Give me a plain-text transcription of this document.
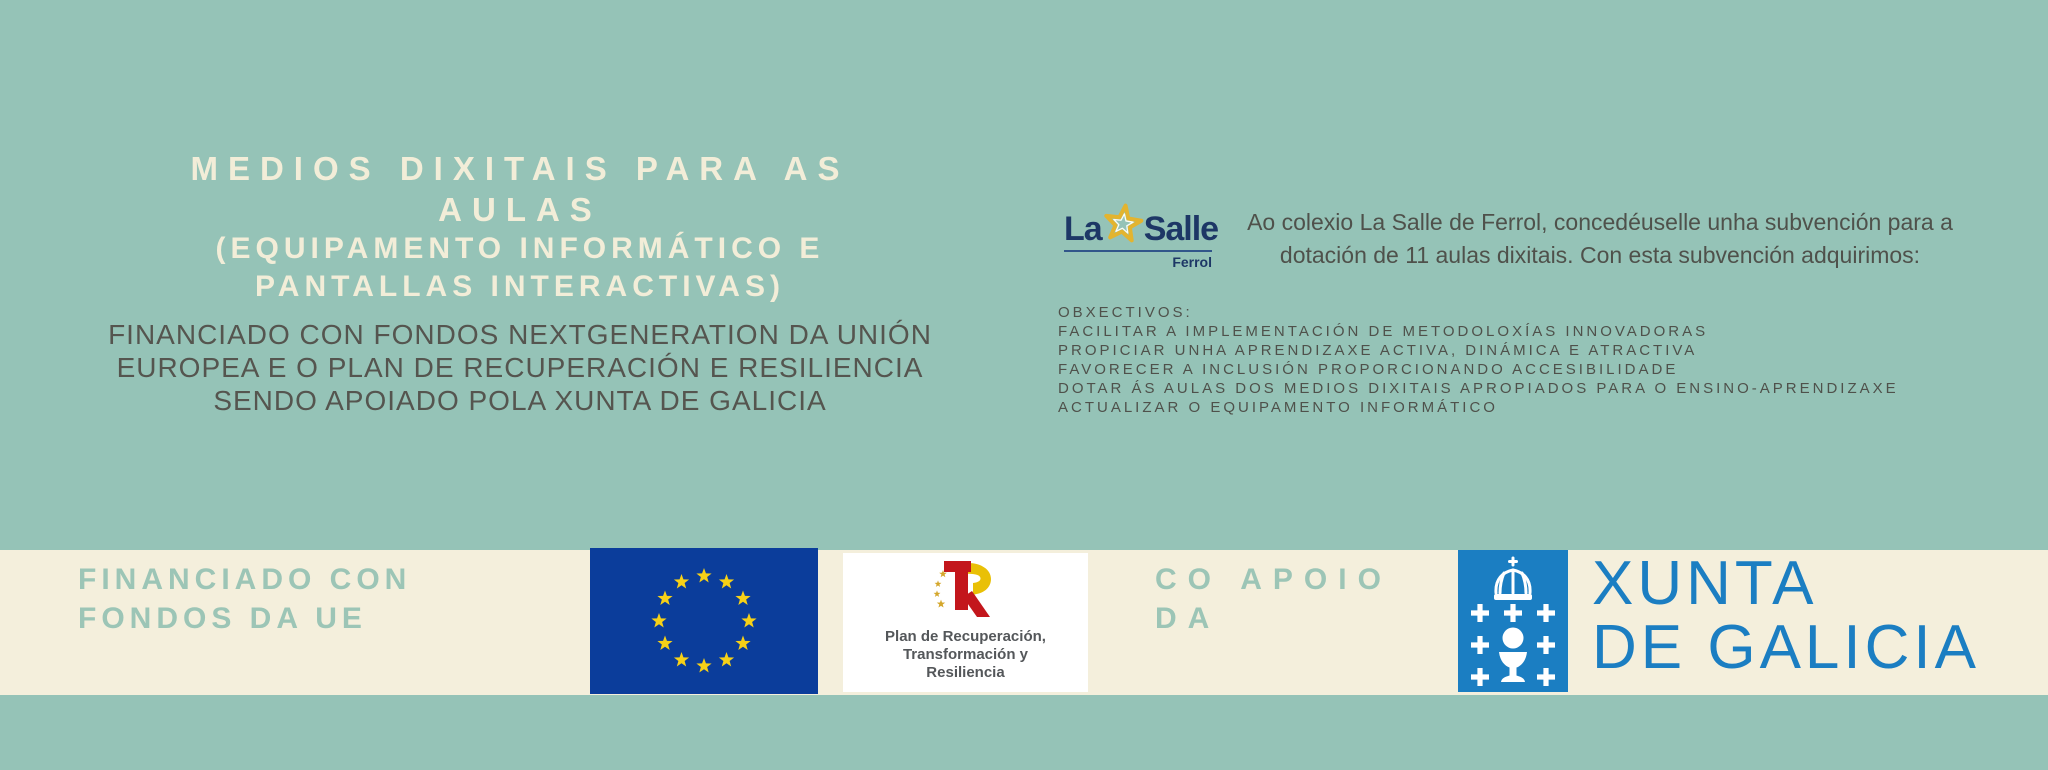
MEDIOS DIXITAIS PARA AS
AULAS
(EQUIPAMENTO INFORMÁTICO E
PANTALLAS INTERACTIVAS)
FINANCIADO CON FONDOS NEXTGENERATION DA UNIÓN
EUROPEA E O PLAN DE RECUPERACIÓN E RESILIENCIA
SENDO APOIADO POLA XUNTA DE GALICIA
La Salle
Ferrol
Ao colexio La Salle de Ferrol, concedéuselle unha subvención para a
dotación de 11 aulas dixitais. Con esta subvención adquirimos:
OBXECTIVOS:
FACILITAR A IMPLEMENTACIÓN DE METODOLOXÍAS INNOVADORAS
PROPICIAR UNHA APRENDIZAXE ACTIVA, DINÁMICA E ATRACTIVA
FAVORECER A INCLUSIÓN PROPORCIONANDO ACCESIBILIDADE
DOTAR ÁS AULAS DOS MEDIOS DIXITAIS APROPIADOS PARA O ENSINO-APRENDIZAXE
ACTUALIZAR O EQUIPAMENTO INFORMÁTICO
FINANCIADO CON
FONDOS DA UE
Plan de Recuperación,
Transformación y
Resiliencia
CO APOIO
DA
XUNTA
DE GALICIA
